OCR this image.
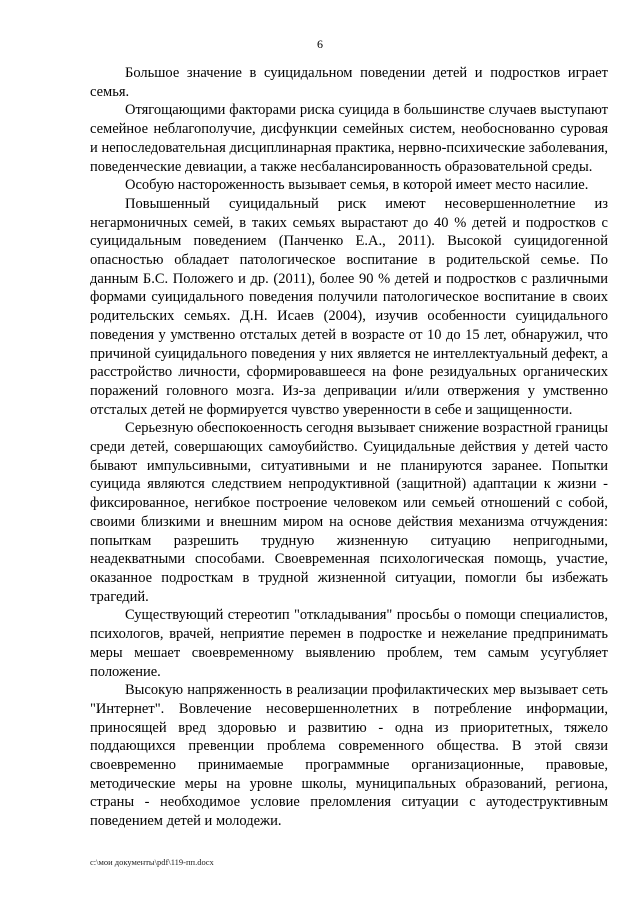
6

Большое значение в суицидальном поведении детей и подростков играет семья.

Отягощающими факторами риска суицида в большинстве случаев выступают семейное неблагополучие, дисфункции семейных систем, необоснованно суровая и непоследовательная дисциплинарная практика, нервно-психические заболевания, поведенческие девиации, а также несбалансированность образовательной среды.

Особую настороженность вызывает семья, в которой имеет место насилие.

Повышенный суицидальный риск имеют несовершеннолетние из негармоничных семей, в таких семьях вырастают до 40 % детей и подростков с суицидальным поведением (Панченко Е.А., 2011). Высокой суицидогенной опасностью обладает патологическое воспитание в родительской семье. По данным Б.С. Положего и др. (2011), более 90 % детей и подростков с различными формами суицидального поведения получили патологическое воспитание в своих родительских семьях. Д.Н. Исаев (2004), изучив особенности суицидального поведения у умственно отсталых детей в возрасте от 10 до 15 лет, обнаружил, что причиной суицидального поведения у них является не интеллектуальный дефект, а расстройство личности, сформировавшееся на фоне резидуальных органических поражений головного мозга. Из-за депривации и/или отвержения у умственно отсталых детей не формируется чувство уверенности в себе и защищенности.

Серьезную обеспокоенность сегодня вызывает снижение возрастной границы среди детей, совершающих самоубийство. Суицидальные действия у детей часто бывают импульсивными, ситуативными и не планируются заранее. Попытки суицида являются следствием непродуктивной (защитной) адаптации к жизни - фиксированное, негибкое построение человеком или семьей отношений с собой, своими близкими и внешним миром на основе действия механизма отчуждения: попыткам разрешить трудную жизненную ситуацию непригодными, неадекватными способами. Своевременная психологическая помощь, участие, оказанное подросткам в трудной жизненной ситуации, помогли бы избежать трагедий.

Существующий стереотип "откладывания" просьбы о помощи специалистов, психологов, врачей, неприятие перемен в подростке и нежелание предпринимать меры мешает своевременному выявлению проблем, тем самым усугубляет положение.

Высокую напряженность в реализации профилактических мер вызывает сеть "Интернет". Вовлечение несовершеннолетних в потребление информации, приносящей вред здоровью и развитию - одна из приоритетных, тяжело поддающихся превенции проблема современного общества. В этой связи своевременно принимаемые программные организационные, правовые, методические меры на уровне школы, муниципальных образований, региона, страны - необходимое условие преломления ситуации с аутодеструктивным поведением детей и молодежи.

c:\мои документы\pdf\119-пп.docx
